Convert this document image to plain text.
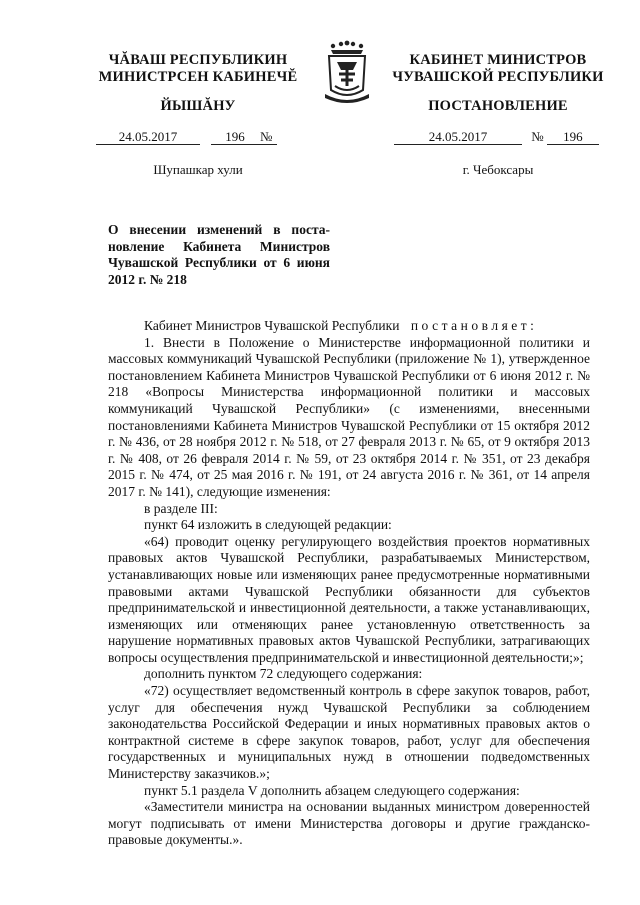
ЧĂВАШ РЕСПУБЛИКИН
МИНИСТРСЕН КАБИНЕЧĔ
ЙЫШĂНУ
КАБИНЕТ МИНИСТРОВ
ЧУВАШСКОЙ РЕСПУБЛИКИ
ПОСТАНОВЛЕНИЕ
24.05.2017	196 №	24.05.2017	№ 196
Шупашкар хули	г. Чебоксары
О внесении изменений в поста-
новление Кабинета Министров
Чувашской Республики от 6 июня
2012 г. № 218

Кабинет Министров Чувашской Республики постановляет:

1. Внести в Положение о Министерстве информационной политики и массовых коммуникаций Чувашской Республики (приложение № 1), утвержденное постановлением Кабинета Министров Чувашской Республики от 6 июня 2012 г. № 218 «Вопросы Министерства информационной политики и массовых коммуникаций Чувашской Республики» (с изменениями, внесенными постановлениями Кабинета Министров Чувашской Республики от 15 октября 2012 г. № 436, от 28 ноября 2012 г. № 518, от 27 февраля 2013 г. № 65, от 9 октября 2013 г. № 408, от 26 февраля 2014 г. № 59, от 23 октября 2014 г. № 351, от 23 декабря 2015 г. № 474, от 25 мая 2016 г. № 191, от 24 августа 2016 г. № 361, от 14 апреля 2017 г. № 141), следующие изменения:

в разделе III:

пункт 64 изложить в следующей редакции:

«64) проводит оценку регулирующего воздействия проектов нормативных правовых актов Чувашской Республики, разрабатываемых Министерством, устанавливающих новые или изменяющих ранее предусмотренные нормативными правовыми актами Чувашской Республики обязанности для субъектов предпринимательской и инвестиционной деятельности, а также устанавливающих, изменяющих или отменяющих ранее установленную ответственность за нарушение нормативных правовых актов Чувашской Республики, затрагивающих вопросы осуществления предпринимательской и инвестиционной деятельности;»;

дополнить пунктом 72 следующего содержания:

«72) осуществляет ведомственный контроль в сфере закупок товаров, работ, услуг для обеспечения нужд Чувашской Республики за соблюдением законодательства Российской Федерации и иных нормативных правовых актов о контрактной системе в сфере закупок товаров, работ, услуг для обеспечения государственных и муниципальных нужд в отношении подведомственных Министерству заказчиков.»;

пункт 5.1 раздела V дополнить абзацем следующего содержания:

«Заместители министра на основании выданных министром доверенностей могут подписывать от имени Министерства договоры и другие гражданско-правовые документы.».
